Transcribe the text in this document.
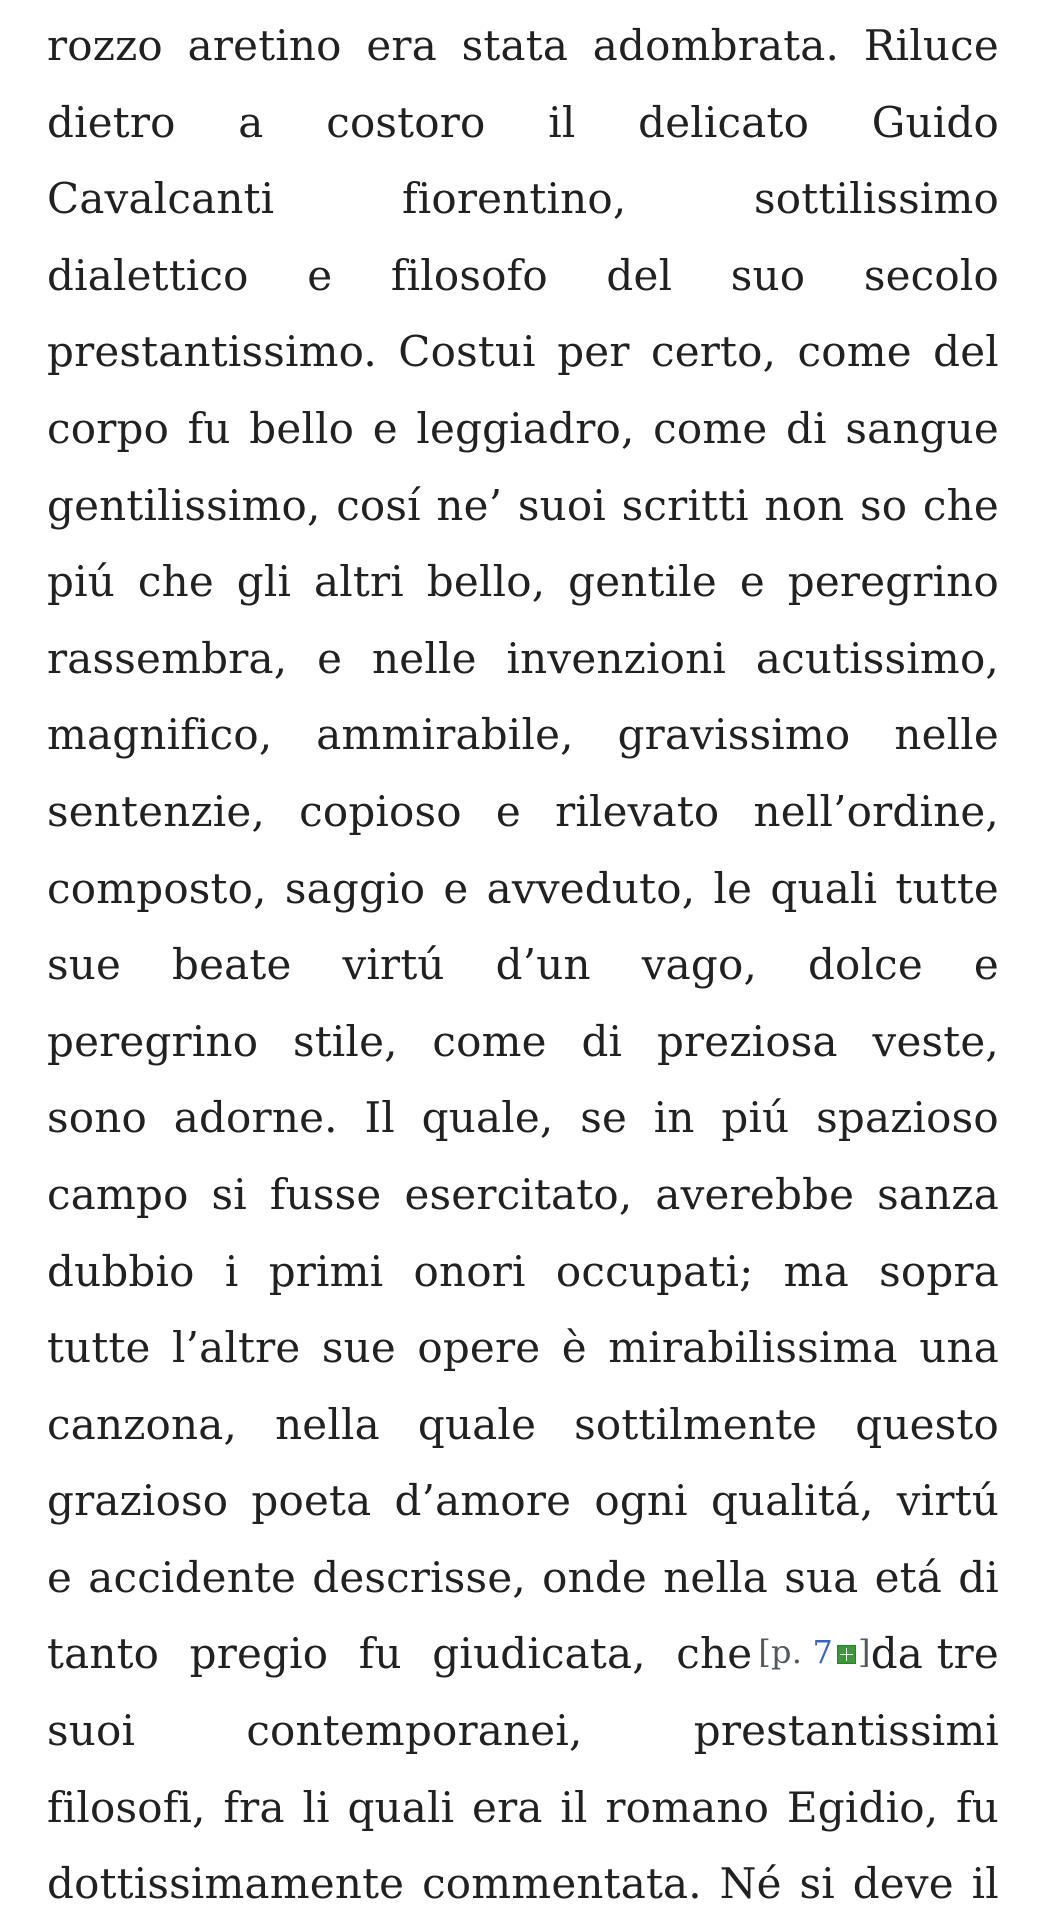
rozzo aretino era stata adombrata. Riluce
dietro a costoro il delicato Guido
Cavalcanti	fiorentino,	sottilissimo
dialettico e filosofo del suo secolo
prestantissimo. Costui per certo, come del
corpo fu bello e leggiadro, come di sangue
gentilissimo, cosí ne’ suoi scritti non so che
piú che gli altri bello, gentile e peregrino
rassembra, e nelle invenzioni acutissimo,
magnifico, ammirabile, gravissimo nelle
sentenzie, copioso e rilevato nell’ordine,
composto, saggio e avveduto, le quali tutte
sue beate virtú d’un vago, dolce e
peregrino stile, come di preziosa veste,
sono adorne. Il quale, se in piú spazioso
campo si fusse esercitato, averebbe sanza
dubbio i primi onori occupati; ma sopra
tutte l’altre sue opere è mirabilissima una
canzona, nella quale sottilmente questo
grazioso poeta d’amore ogni qualitá, virtú
e accidente descrisse, onde nella sua etá di
tanto pregio fu giudicata, che [p. 7 ] da tre
suoi	contemporanei,	prestantissimi
filosofi, fra li quali era il romano Egidio, fu
dottissimamente commentata. Né si deve il
